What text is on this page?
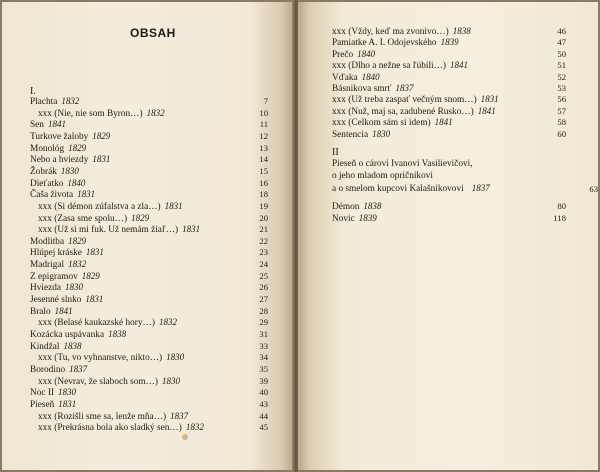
OBSAH
I.
Plachta 1832	7
xxx (Nie, nie som Byron…) 1832	10
Sen 1841	11
Turkove žaloby 1829	12
Monológ 1829	13
Nebo a hviezdy 1831	14
Žobrák 1830	15
Dieťatko 1840	16
Čaša života 1831	18
xxx (Si démon zúfalstva a zla…) 1831	19
xxx (Zasa sme spolu…) 1829	20
xxx (Už si mi fuk. Už nemám žiaľ…) 1831	21
Modlitba 1829	22
Hlúpej kráske 1831	23
Madrigal 1832	24
Z epigramov 1829	25
Hviezda 1830	26
Jesenné slnko 1831	27
Bralo 1841	28
xxx (Belasé kaukazské hory…) 1832	29
Kozácka uspávanka 1838	31
Kindžal 1838	33
xxx (Tu, vo vyhnanstve, nikto…) 1830	34
Borodino 1837	35
xxx (Nevrav, že slaboch som…) 1830	39
Noc II 1830	40
Pieseň 1831	43
xxx (Rozišli sme sa, lenže mňa…) 1837	44
xxx (Prekrásna bola ako sladký sen…) 1832	45
xxx (Vždy, keď ma zvonivo…) 1838	46
Pamiatke A. I. Odojevského 1839	47
Prečo 1840	50
xxx (Dlho a nežne sa ľúbili…) 1841	51
Vďaka 1840	52
Básnikova smrť 1837	53
xxx (Už treba zaspať večným snom…) 1831	56
xxx (Nuž, maj sa, zadubené Rusko…) 1841	57
xxx (Celkom sám si idem) 1841	58
Sentencia 1830	60
II
Pieseň o cárovi Ivanovi Vasilievičovi,
o jeho mladom opričníkovi
a o smelom kupcovi Kalašnikovovi 1837	63
Démon 1838	80
Novic 1839	118
